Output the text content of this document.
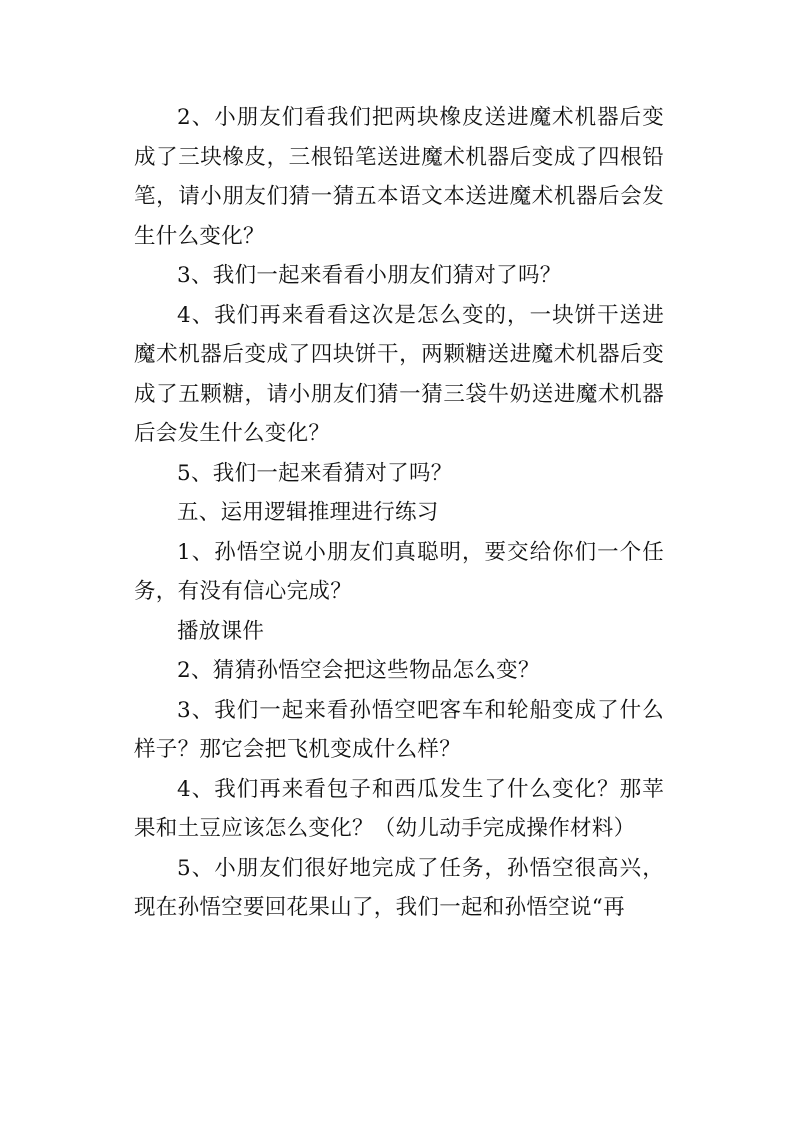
2、小朋友们看我们把两块橡皮送进魔术机器后变成了三块橡皮，三根铅笔送进魔术机器后变成了四根铅笔，请小朋友们猜一猜五本语文本送进魔术机器后会发生什么变化？

3、我们一起来看看小朋友们猜对了吗？

4、我们再来看看这次是怎么变的，一块饼干送进魔术机器后变成了四块饼干，两颗糖送进魔术机器后变成了五颗糖，请小朋友们猜一猜三袋牛奶送进魔术机器后会发生什么变化？

5、我们一起来看猜对了吗？

五、运用逻辑推理进行练习

1、孙悟空说小朋友们真聪明，要交给你们一个任务，有没有信心完成？

播放课件

2、猜猜孙悟空会把这些物品怎么变？

3、我们一起来看孙悟空吧客车和轮船变成了什么样子？那它会把飞机变成什么样？

4、我们再来看包子和西瓜发生了什么变化？那苹果和土豆应该怎么变化？（幼儿动手完成操作材料）

5、小朋友们很好地完成了任务，孙悟空很高兴，现在孙悟空要回花果山了，我们一起和孙悟空说“再
